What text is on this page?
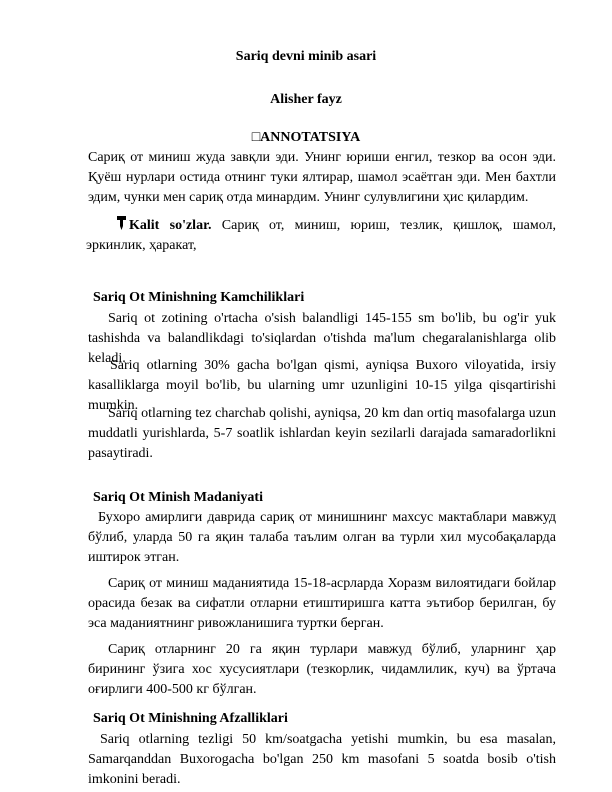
Sariq devni minib asari
Alisher fayz
□ANNOTATSIYA
Сариқ от миниш жуда завқли эди. Унинг юриши енгил, тезкор ва осон эди. Қуёш нурлари остида отнинг туки ялтирар, шамол эсаётган эди. Мен бахтли эдим, чунки мен сариқ отда минардим. Унинг сулувлигини ҳис қилардим.
Kalit so'zlar. Сариқ от, миниш, юриш, тезлик, қишлоқ, шамол, эркинлик, ҳаракат,
Sariq Ot Minishning Kamchiliklari
Sariq ot zotining o'rtacha o'sish balandligi 145-155 sm bo'lib, bu og'ir yuk tashishda va balandlikdagi to'siqlardan o'tishda ma'lum chegaralanishlarga olib keladi.
Sariq otlarning 30% gacha bo'lgan qismi, ayniqsa Buxoro viloyatida, irsiy kasalliklarga moyil bo'lib, bu ularning umr uzunligini 10-15 yilga qisqartirishi mumkin.
Sariq otlarning tez charchab qolishi, ayniqsa, 20 km dan ortiq masofalarga uzun muddatli yurishlarda, 5-7 soatlik ishlardan keyin sezilarli darajada samaradorlikni pasaytiradi.
Sariq Ot Minish Madaniyati
Бухоро амирлиги даврида сариқ от минишнинг махсус мактаблари мавжуд бўлиб, уларда 50 га яқин талаба таълим олган ва турли хил мусобақаларда иштирок этган.
Сариқ от миниш маданиятида 15-18-асрларда Хоразм вилоятидаги бойлар орасида безак ва сифатли отларни етиштиришга катта эътибор берилган, бу эса маданиятнинг ривожланишига туртки берган.
Сариқ отларнинг 20 га яқин турлари мавжуд бўлиб, уларнинг ҳар бирининг ўзига хос хусусиятлари (тезкорлик, чидамлилик, куч) ва ўртача оғирлиги 400-500 кг бўлган.
Sariq Ot Minishning Afzalliklari
Sariq otlarning tezligi 50 km/soatgacha yetishi mumkin, bu esa masalan, Samarqanddan Buxorogacha bo'lgan 250 km masofani 5 soatda bosib o'tish imkonini beradi.
